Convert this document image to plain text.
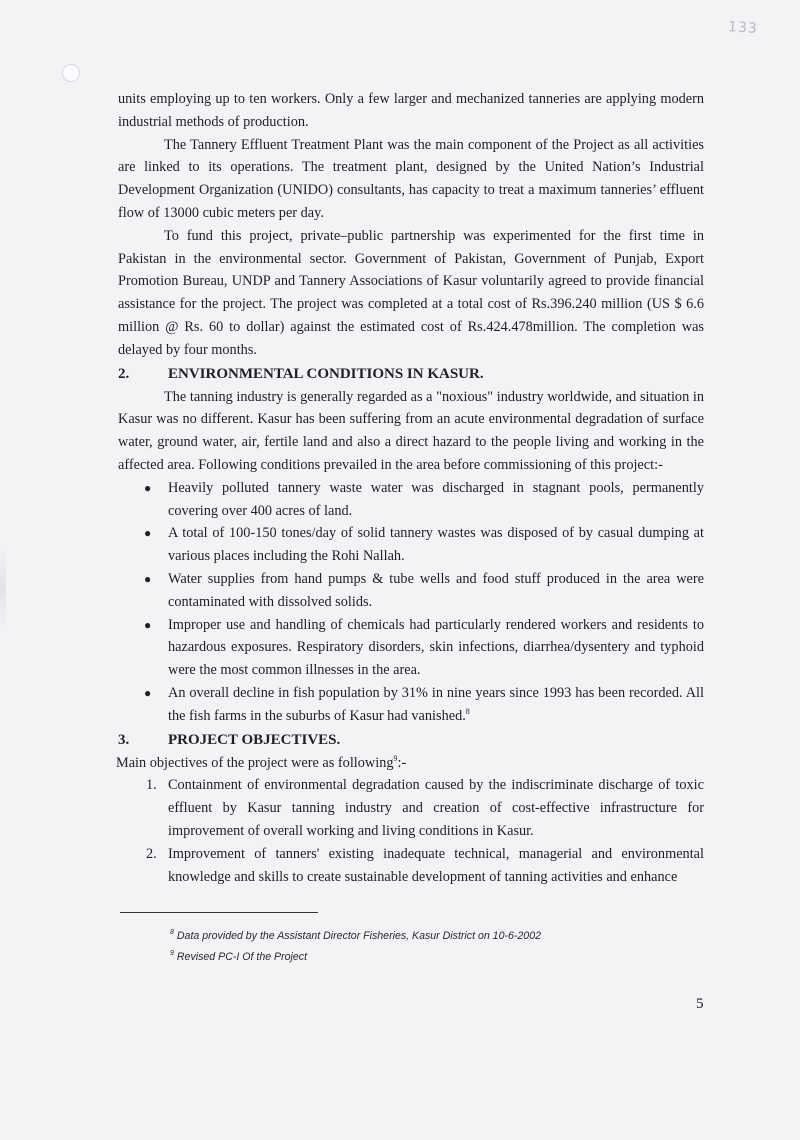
133

units employing up to ten workers. Only a few larger and mechanized tanneries are applying modern industrial methods of production.

The Tannery Effluent Treatment Plant was the main component of the Project as all activities are linked to its operations. The treatment plant, designed by the United Nation’s Industrial Development Organization (UNIDO) consultants, has capacity to treat a maximum tanneries’ effluent flow of 13000 cubic meters per day.

To fund this project, private–public partnership was experimented for the first time in Pakistan in the environmental sector. Government of Pakistan, Government of Punjab, Export Promotion Bureau, UNDP and Tannery Associations of Kasur voluntarily agreed to provide financial assistance for the project. The project was completed at a total cost of Rs.396.240 million (US $ 6.6 million @ Rs. 60 to dollar) against the estimated cost of Rs.424.478million. The completion was delayed by four months.

2.	ENVIRONMENTAL CONDITIONS IN KASUR.

The tanning industry is generally regarded as a "noxious" industry worldwide, and situation in Kasur was no different. Kasur has been suffering from an acute environmental degradation of surface water, ground water, air, fertile land and also a direct hazard to the people living and working in the affected area. Following conditions prevailed in the area before commissioning of this project:-

● Heavily polluted tannery waste water was discharged in stagnant pools, permanently covering over 400 acres of land.
● A total of 100-150 tones/day of solid tannery wastes was disposed of by casual dumping at various places including the Rohi Nallah.
● Water supplies from hand pumps & tube wells and food stuff produced in the area were contaminated with dissolved solids.
● Improper use and handling of chemicals had particularly rendered workers and residents to hazardous exposures. Respiratory disorders, skin infections, diarrhea/dysentery and typhoid were the most common illnesses in the area.
● An overall decline in fish population by 31% in nine years since 1993 has been recorded. All the fish farms in the suburbs of Kasur had vanished.$^8$
3.	PROJECT OBJECTIVES.

Main objectives of the project were as following$^9$:-

1. Containment of environmental degradation caused by the indiscriminate discharge of toxic effluent by Kasur tanning industry and creation of cost-effective infrastructure for improvement of overall working and living conditions in Kasur.
2. Improvement of tanners' existing inadequate technical, managerial and environmental knowledge and skills to create sustainable development of tanning activities and enhance
$^8$ Data provided by the Assistant Director Fisheries, Kasur District on 10-6-2002
$^9$ Revised PC-I Of the Project
5
